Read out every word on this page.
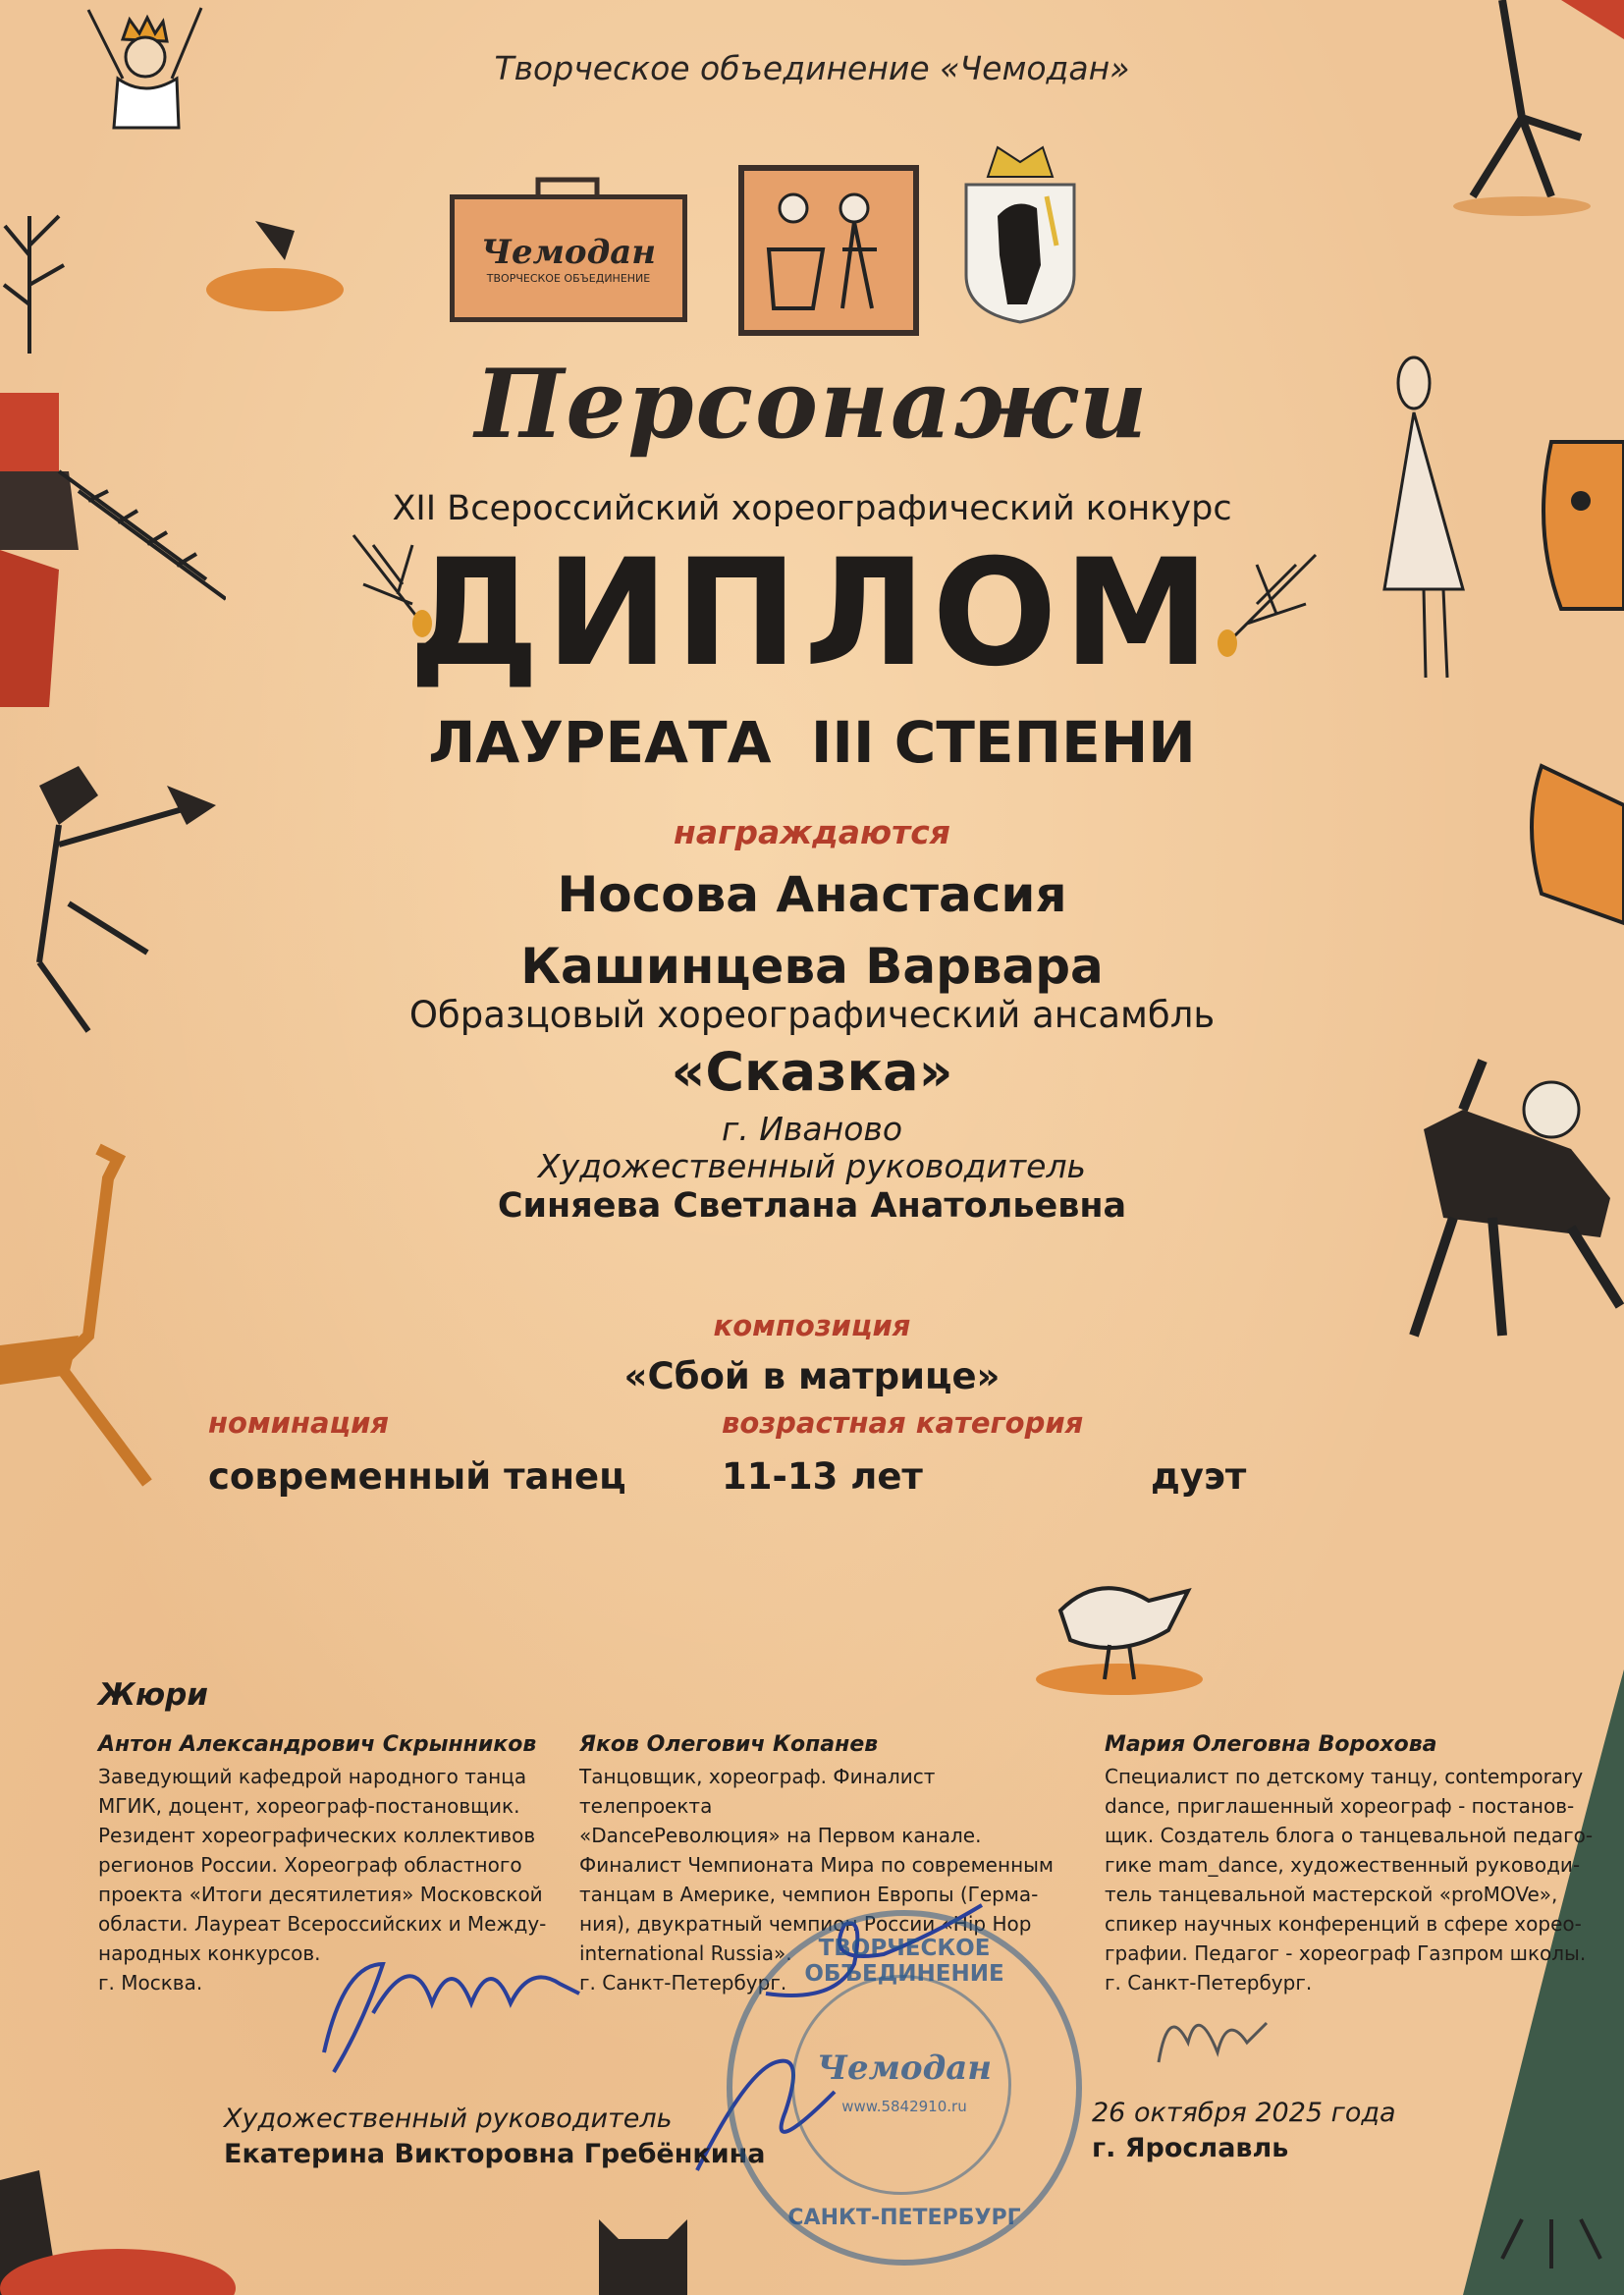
Творческое объединение «Чемодан»
Чемодан
ТВОРЧЕСКОЕ ОБЪЕДИНЕНИЕ
Персонажи
XII Всероссийский хореографический конкурс
ДИПЛОМ
ЛАУРЕАТА  III СТЕПЕНИ
награждаются
Носова Анастасия
Кашинцева Варвара
Образцовый хореографический ансамбль
«Сказка»
г. Иваново
Художественный руководитель
Синяева Светлана Анатольевна
композиция
«Сбой в матрице»
номинация	возрастная категория
современный танец	11-13 лет	дуэт
Жюри
Антон Александрович Скрынников
Заведующий кафедрой народного танца
МГИК, доцент, хореограф-постановщик.
Резидент хореографических коллективов
регионов России. Хореограф областного
проекта «Итоги десятилетия» Московской
области. Лауреат Всероссийских и Между-
народных конкурсов.
г. Москва.
Яков Олегович Копанев
Танцовщик, хореограф. Финалист телепроекта
«DanceРеволюция» на Первом канале.
Финалист Чемпионата Мира по современным
танцам в Америке, чемпион Европы (Герма-
ния), двукратный чемпион России «Hip Hop
international Russia».
г. Санкт-Петербург.
Мария Олеговна Ворохова
Специалист по детскому танцу, contemporary
dance, приглашенный хореограф - постанов-
щик. Создатель блога о танцевальной педаго-
гике mam_dance, художественный руководи-
тель танцевальной мастерской «proMOVe»,
спикер научных конференций в сфере хорео-
графии. Педагог - хореограф Газпром школы.
г. Санкт-Петербург.
Художественный руководитель
Екатерина Викторовна Гребёнкина
26 октября 2025 года
г. Ярославль
ТВОРЧЕСКОЕ ОБЪЕДИНЕНИЕ
Чемодан
www.5842910.ru
САНКТ-ПЕТЕРБУРГ
